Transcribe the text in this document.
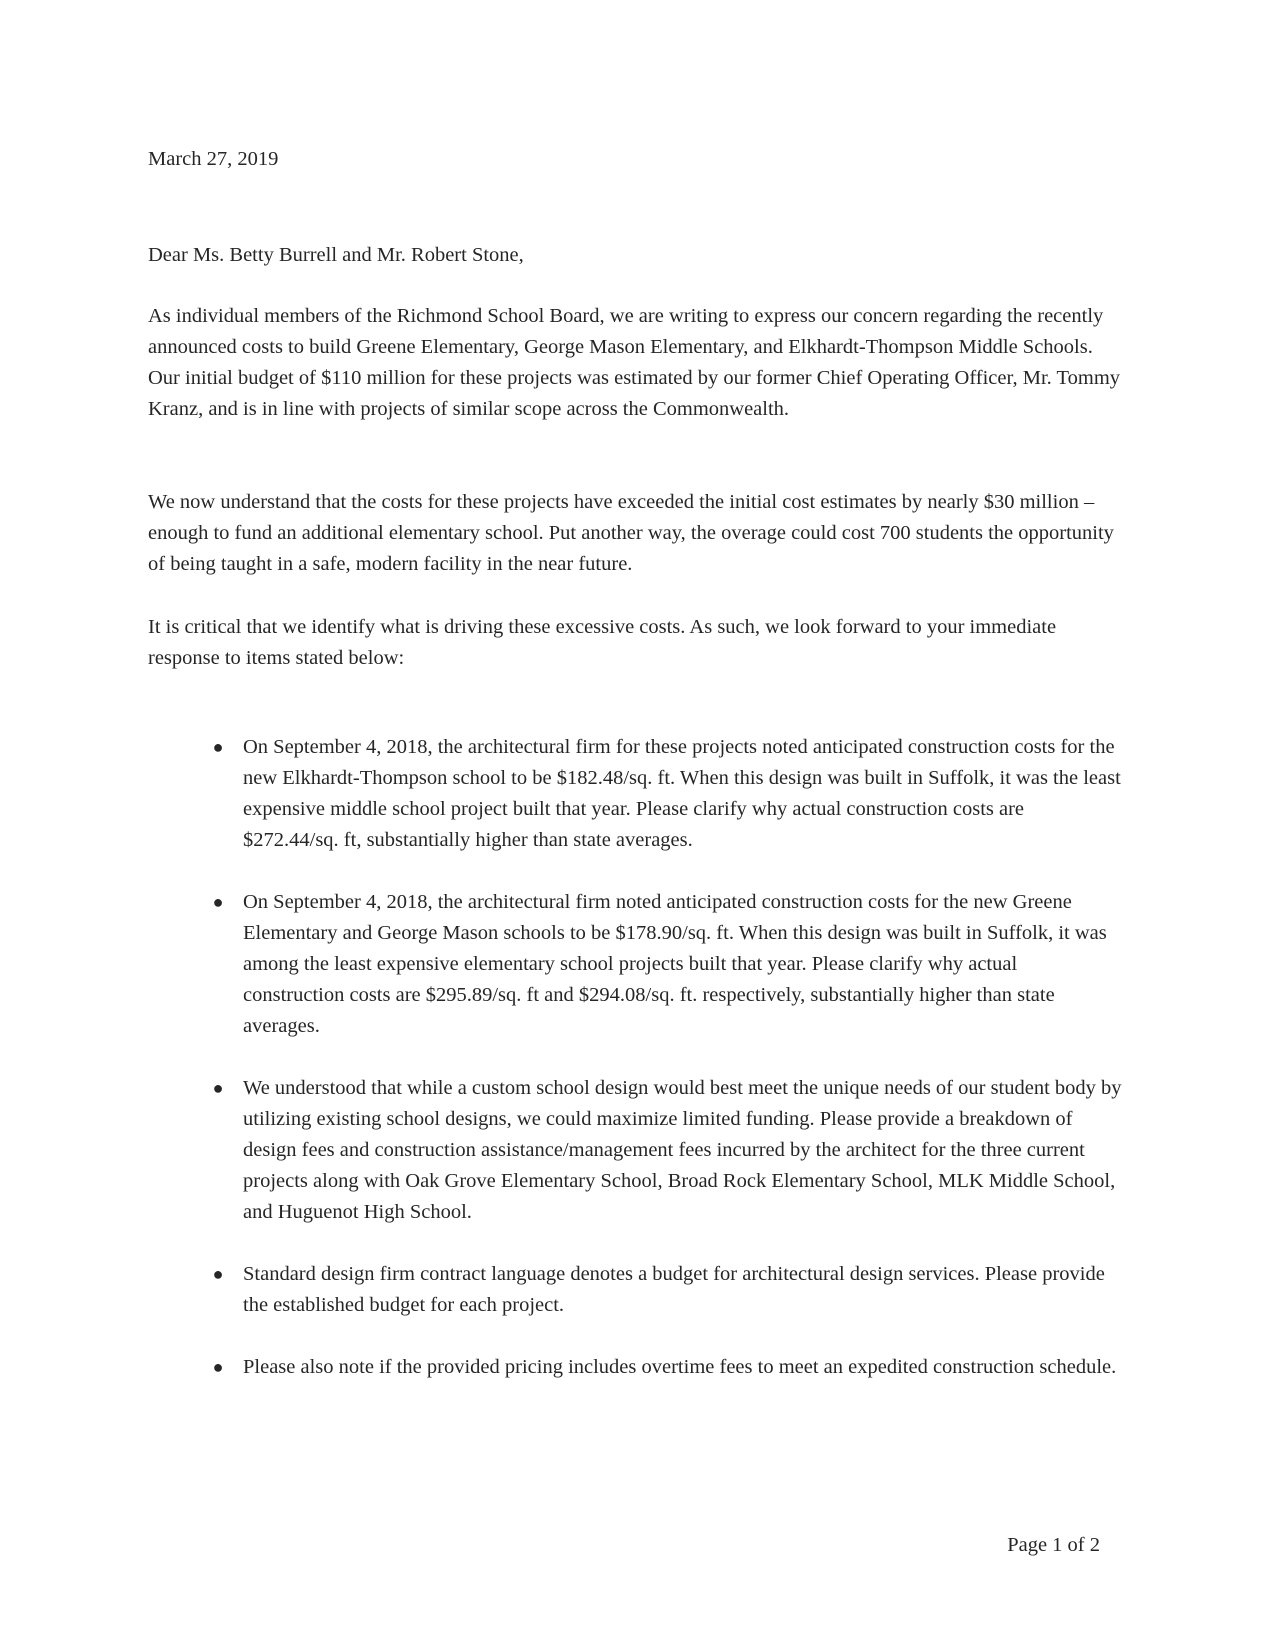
March 27, 2019

Dear Ms. Betty Burrell and Mr. Robert Stone,

As individual members of the Richmond School Board, we are writing to express our concern regarding the recently announced costs to build Greene Elementary, George Mason Elementary, and Elkhardt-Thompson Middle Schools. Our initial budget of $110 million for these projects was estimated by our former Chief Operating Officer, Mr. Tommy Kranz, and is in line with projects of similar scope across the Commonwealth.

We now understand that the costs for these projects have exceeded the initial cost estimates by nearly $30 million – enough to fund an additional elementary school. Put another way, the overage could cost 700 students the opportunity of being taught in a safe, modern facility in the near future.

It is critical that we identify what is driving these excessive costs. As such, we look forward to your immediate response to items stated below:

● On September 4, 2018, the architectural firm for these projects noted anticipated construction costs for the new Elkhardt-Thompson school to be $182.48/sq. ft. When this design was built in Suffolk, it was the least expensive middle school project built that year. Please clarify why actual construction costs are $272.44/sq. ft, substantially higher than state averages.
● On September 4, 2018, the architectural firm noted anticipated construction costs for the new Greene Elementary and George Mason schools to be $178.90/sq. ft. When this design was built in Suffolk, it was among the least expensive elementary school projects built that year. Please clarify why actual construction costs are $295.89/sq. ft and $294.08/sq. ft. respectively, substantially higher than state averages.
● We understood that while a custom school design would best meet the unique needs of our student body by utilizing existing school designs, we could maximize limited funding. Please provide a breakdown of design fees and construction assistance/management fees incurred by the architect for the three current projects along with Oak Grove Elementary School, Broad Rock Elementary School, MLK Middle School, and Huguenot High School.
● Standard design firm contract language denotes a budget for architectural design services. Please provide the established budget for each project.
● Please also note if the provided pricing includes overtime fees to meet an expedited construction schedule.

Page 1 of 2
